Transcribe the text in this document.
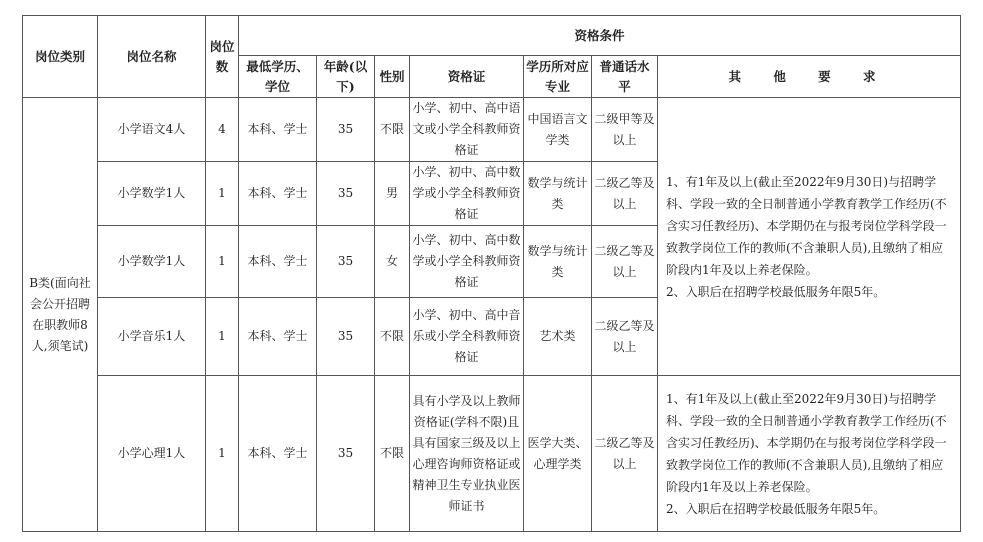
岗位类别	岗位名称	岗位数	资格条件						
			最低学历、学位	年龄(以下)	性别	资格证	学历所对应专业	普通话水平	其 他 要 求
B类(面向社会公开招聘在职教师8人,须笔试)	小学语文4人	4	本科、学士	35	不限	小学、初中、高中语文或小学全科教师资格证	中国语言文学类	二级甲等及以上	1、有1年及以上(截止至2022年9月30日)与招聘学科、学段一致的全日制普通小学教育教学工作经历(不含实习任教经历)、本学期仍在与报考岗位学科学段一致教学岗位工作的教师(不含兼职人员),且缴纳了相应阶段内1年及以上养老保险。
2、入职后在招聘学校最低服务年限5年。

	小学数学1人	1	本科、学士	35	男	小学、初中、高中数学或小学全科教师资格证	数学与统计类	二级乙等及以上	
	小学数学1人	1	本科、学士	35	女	小学、初中、高中数学或小学全科教师资格证	数学与统计类	二级乙等及以上	
	小学音乐1人	1	本科、学士	35	不限	小学、初中、高中音乐或小学全科教师资格证	艺术类	二级乙等及以上	
	小学心理1人	1	本科、学士	35	不限	具有小学及以上教师资格证(学科不限)且具有国家三级及以上心理咨询师资格证或精神卫生专业执业医师证书	医学大类、心理学类	二级乙等及以上	1、有1年及以上(截止至2022年9月30日)与招聘学科、学段一致的全日制普通小学教育教学工作经历(不含实习任教经历)、本学期仍在与报考岗位学科学段一致教学岗位工作的教师(不含兼职人员),且缴纳了相应阶段内1年及以上养老保险。
2、入职后在招聘学校最低服务年限5年。
